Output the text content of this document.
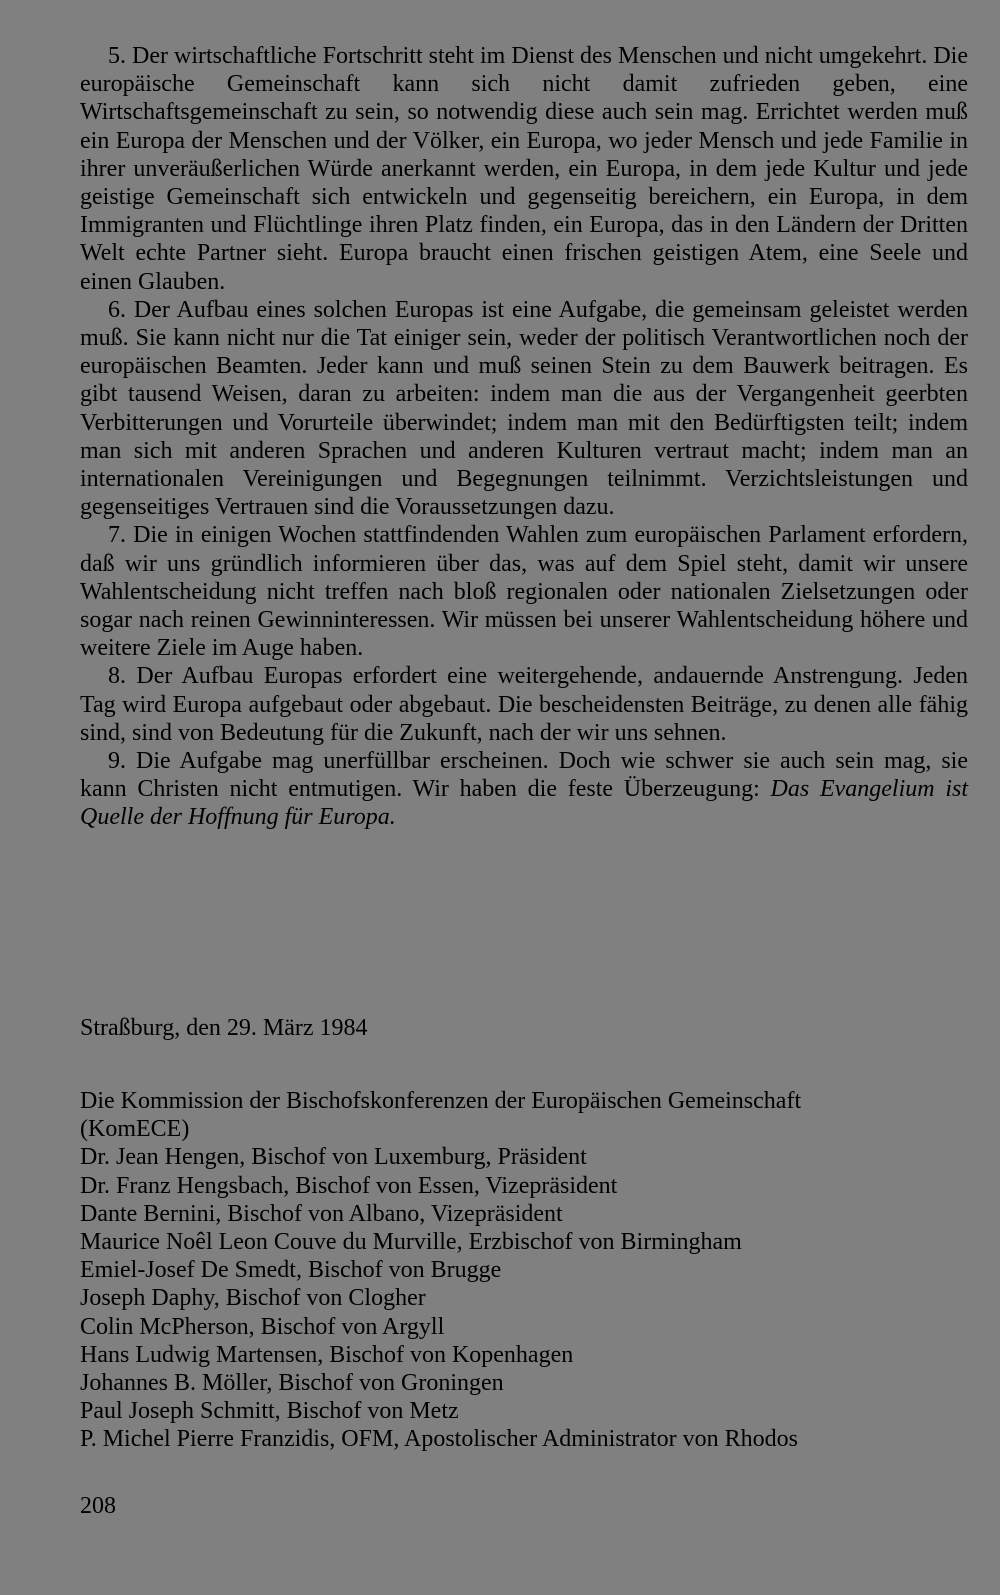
5. Der wirtschaftliche Fortschritt steht im Dienst des Menschen und nicht umgekehrt. Die europäische Gemeinschaft kann sich nicht damit zufrieden geben, eine Wirtschaftsgemeinschaft zu sein, so notwendig diese auch sein mag. Errichtet werden muß ein Europa der Menschen und der Völker, ein Europa, wo jeder Mensch und jede Familie in ihrer unveräußerlichen Würde anerkannt werden, ein Europa, in dem jede Kultur und jede geistige Gemeinschaft sich entwickeln und gegenseitig bereichern, ein Europa, in dem Immigranten und Flüchtlinge ihren Platz finden, ein Europa, das in den Ländern der Dritten Welt echte Partner sieht. Europa braucht einen frischen geistigen Atem, eine Seele und einen Glauben.

6. Der Aufbau eines solchen Europas ist eine Aufgabe, die gemeinsam geleistet werden muß. Sie kann nicht nur die Tat einiger sein, weder der politisch Verantwortlichen noch der europäischen Beamten. Jeder kann und muß seinen Stein zu dem Bauwerk beitragen. Es gibt tausend Weisen, daran zu arbeiten: indem man die aus der Vergangenheit geerbten Verbitterungen und Vorurteile überwindet; indem man mit den Bedürftigsten teilt; indem man sich mit anderen Sprachen und anderen Kulturen vertraut macht; indem man an internationalen Vereinigungen und Begegnungen teilnimmt. Verzichtsleistungen und gegenseitiges Vertrauen sind die Voraussetzungen dazu.

7. Die in einigen Wochen stattfindenden Wahlen zum europäischen Parlament erfordern, daß wir uns gründlich informieren über das, was auf dem Spiel steht, damit wir unsere Wahlentscheidung nicht treffen nach bloß regionalen oder nationalen Zielsetzungen oder sogar nach reinen Gewinninteressen. Wir müssen bei unserer Wahlentscheidung höhere und weitere Ziele im Auge haben.

8. Der Aufbau Europas erfordert eine weitergehende, andauernde Anstrengung. Jeden Tag wird Europa aufgebaut oder abgebaut. Die bescheidensten Beiträge, zu denen alle fähig sind, sind von Bedeutung für die Zukunft, nach der wir uns sehnen.

9. Die Aufgabe mag unerfüllbar erscheinen. Doch wie schwer sie auch sein mag, sie kann Christen nicht entmutigen. Wir haben die feste Überzeugung: Das Evangelium ist Quelle der Hoffnung für Europa.

Straßburg, den 29. März 1984

Die Kommission der Bischofskonferenzen der Europäischen Gemeinschaft
(KomECE)
Dr. Jean Hengen, Bischof von Luxemburg, Präsident
Dr. Franz Hengsbach, Bischof von Essen, Vizepräsident
Dante Bernini, Bischof von Albano, Vizepräsident
Maurice Noêl Leon Couve du Murville, Erzbischof von Birmingham
Emiel-Josef De Smedt, Bischof von Brugge
Joseph Daphy, Bischof von Clogher
Colin McPherson, Bischof von Argyll
Hans Ludwig Martensen, Bischof von Kopenhagen
Johannes B. Möller, Bischof von Groningen
Paul Joseph Schmitt, Bischof von Metz
P. Michel Pierre Franzidis, OFM, Apostolischer Administrator von Rhodos

208
